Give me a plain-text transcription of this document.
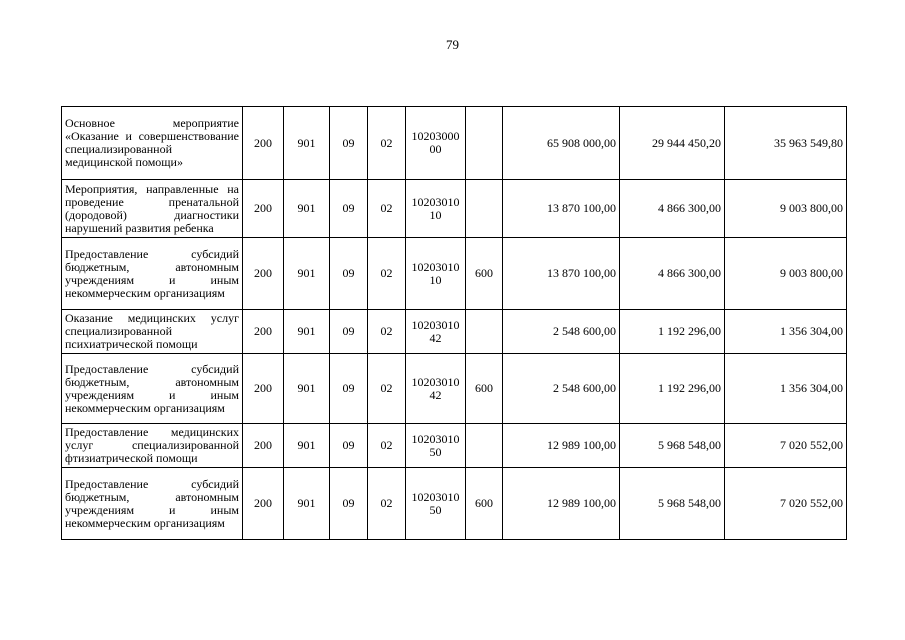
79
Основное мероприятие «Оказание и совершенствование специализированной медицинской помощи»	200	901	09	02	1020300000		65 908 000,00	29 944 450,20	35 963 549,80
Мероприятия, направленные на проведение пренатальной (дородовой) диагностики нарушений развития ребенка	200	901	09	02	1020301010		13 870 100,00	4 866 300,00	9 003 800,00
Предоставление субсидий бюджетным, автономным учреждениям и иным некоммерческим организациям	200	901	09	02	1020301010	600	13 870 100,00	4 866 300,00	9 003 800,00
Оказание медицинских услуг специализированной психиатрической помощи	200	901	09	02	1020301042		2 548 600,00	1 192 296,00	1 356 304,00
Предоставление субсидий бюджетным, автономным учреждениям и иным некоммерческим организациям	200	901	09	02	1020301042	600	2 548 600,00	1 192 296,00	1 356 304,00
Предоставление медицинских услуг специализированной фтизиатрической помощи	200	901	09	02	1020301050		12 989 100,00	5 968 548,00	7 020 552,00
Предоставление субсидий бюджетным, автономным учреждениям и иным некоммерческим организациям	200	901	09	02	1020301050	600	12 989 100,00	5 968 548,00	7 020 552,00
